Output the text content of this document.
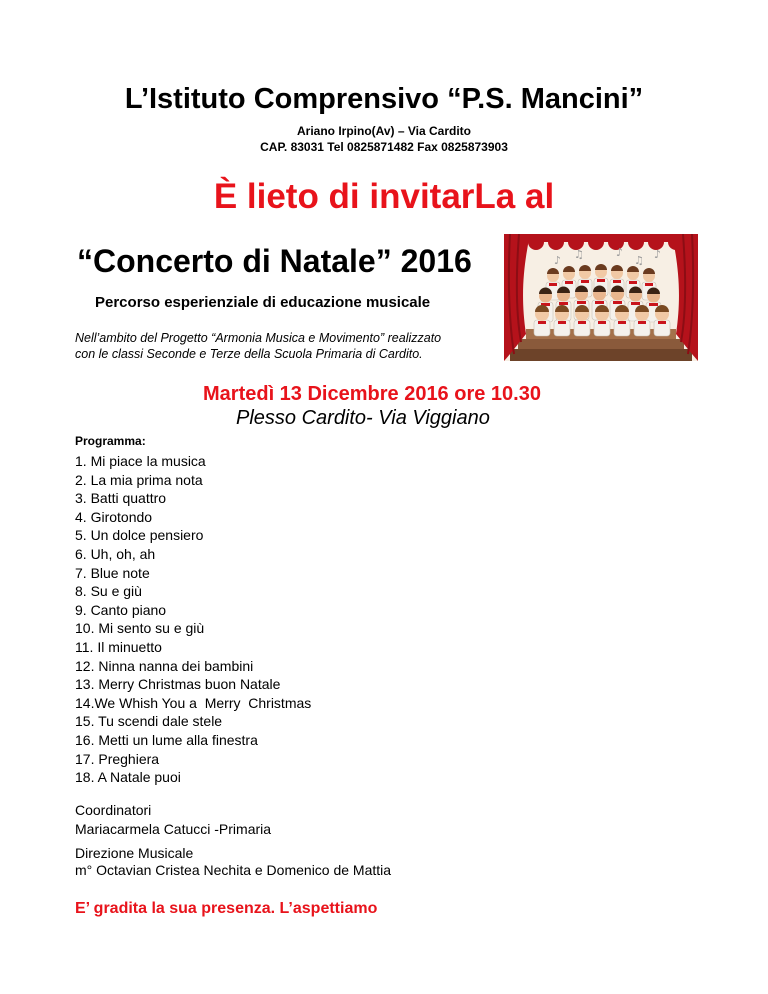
L’Istituto Comprensivo “P.S. Mancini”
Ariano Irpino(Av) – Via Cardito
CAP. 83031 Tel 0825871482 Fax 0825873903
È lieto di invitarLa al
“Concerto di Natale” 2016
Percorso esperienziale di educazione musicale
Nell’ambito del Progetto “Armonia Musica e Movimento” realizzato
con le classi Seconde e Terze della Scuola Primaria di Cardito.
♪ ♫	♪
♫ ♪
Martedì 13 Dicembre 2016 ore 10.30
Plesso Cardito- Via Viggiano
Programma:
1. Mi piace la musica
2. La mia prima nota
3. Batti quattro
4. Girotondo
5. Un dolce pensiero
6. Uh, oh, ah
7. Blue note
8. Su e giù
9. Canto piano
10. Mi sento su e giù
11. Il minuetto
12. Ninna nanna dei bambini
13. Merry Christmas buon Natale
14.We Whish You a  Merry  Christmas
15. Tu scendi dale stele
16. Metti un lume alla finestra
17. Preghiera
18. A Natale puoi
Coordinatori
Mariacarmela Catucci -Primaria
Direzione Musicale
m° Octavian Cristea Nechita e Domenico de Mattia
E’ gradita la sua presenza. L’aspettiamo
